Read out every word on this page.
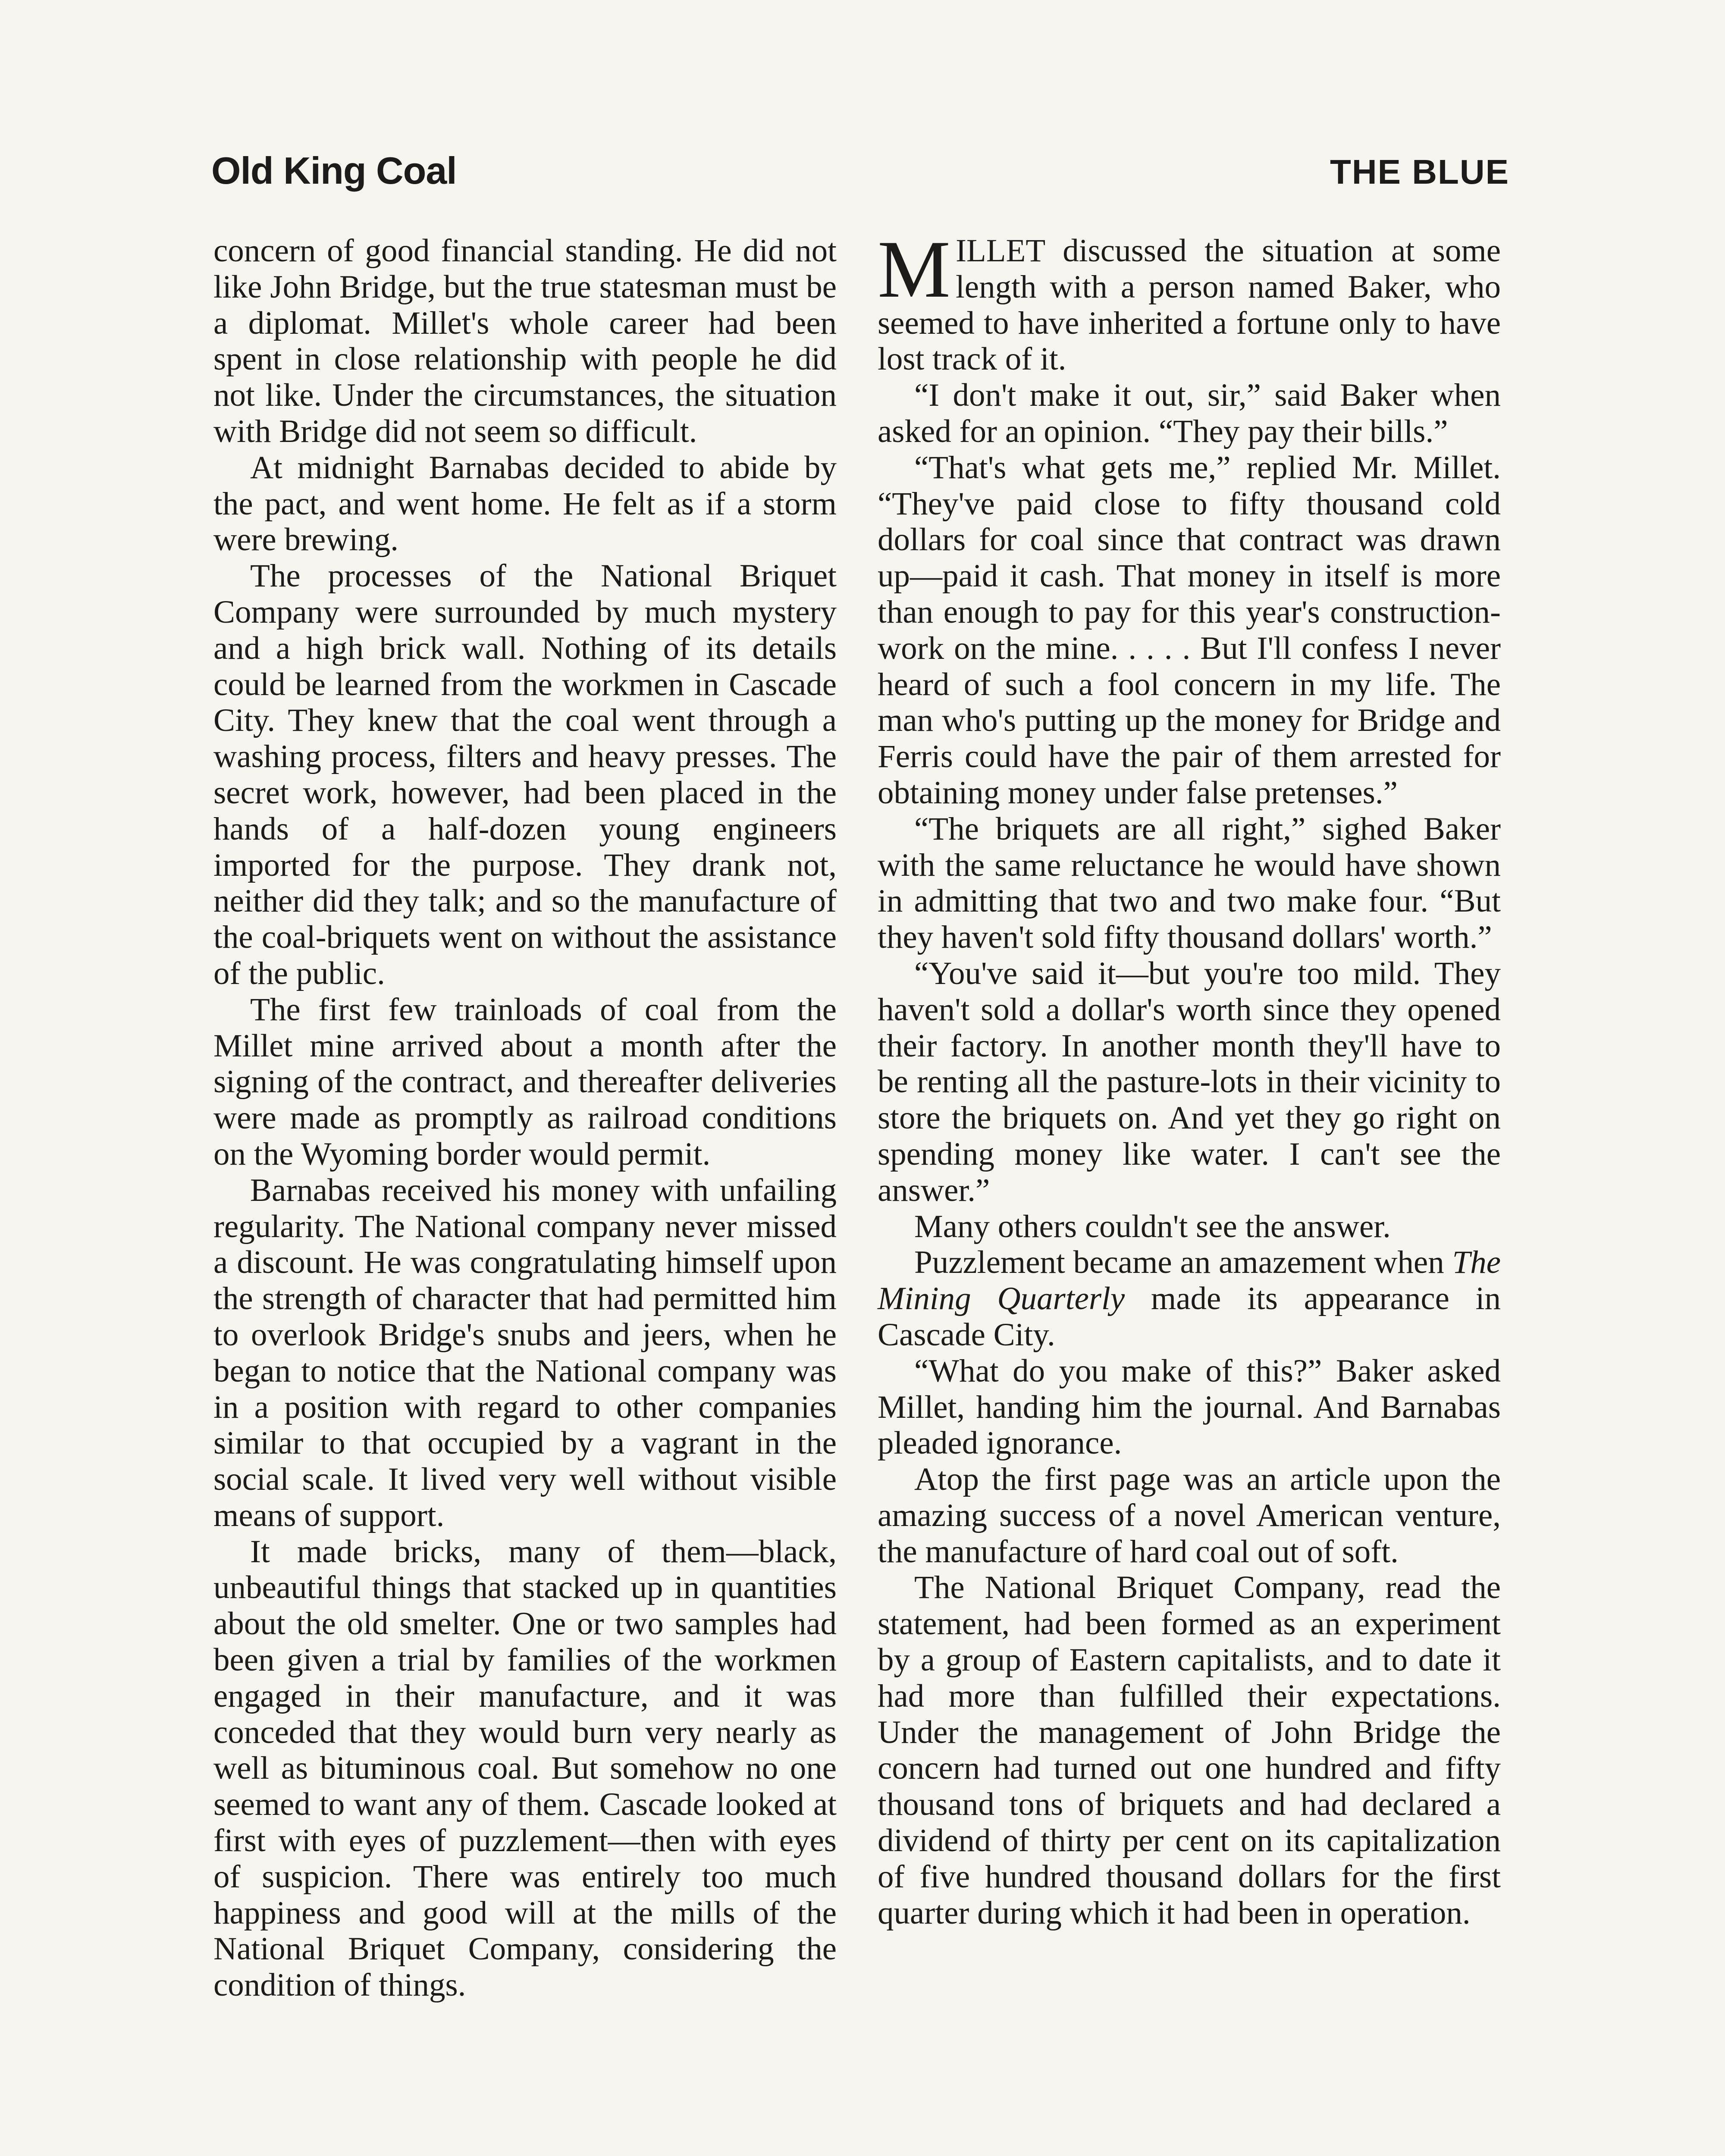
Old King Coal	THE BLUE

concern of good financial standing. He did not like John Bridge, but the true statesman must be a diplomat. Millet's whole career had been spent in close relationship with people he did not like. Under the circumstances, the situation with Bridge did not seem so difficult.

At midnight Barnabas decided to abide by the pact, and went home. He felt as if a storm were brewing.

The processes of the National Briquet Company were surrounded by much mystery and a high brick wall. Nothing of its details could be learned from the workmen in Cascade City. They knew that the coal went through a washing process, filters and heavy presses. The secret work, however, had been placed in the hands of a half-dozen young engineers imported for the purpose. They drank not, neither did they talk; and so the manufacture of the coal-briquets went on without the assistance of the public.

The first few trainloads of coal from the Millet mine arrived about a month after the signing of the contract, and thereafter deliveries were made as promptly as railroad conditions on the Wyoming border would permit.

Barnabas received his money with unfailing regularity. The National company never missed a discount. He was congratulating himself upon the strength of character that had permitted him to overlook Bridge's snubs and jeers, when he began to notice that the National company was in a position with regard to other companies similar to that occupied by a vagrant in the social scale. It lived very well without visible means of support.

It made bricks, many of them—black, unbeautiful things that stacked up in quantities about the old smelter. One or two samples had been given a trial by families of the workmen engaged in their manufacture, and it was conceded that they would burn very nearly as well as bituminous coal. But somehow no one seemed to want any of them. Cascade looked at first with eyes of puzzlement—then with eyes of suspicion. There was entirely too much happiness and good will at the mills of the National Briquet Company, considering the condition of things.

MILLET discussed the situation at some length with a person named Baker, who seemed to have inherited a fortune only to have lost track of it.

“I don't make it out, sir,” said Baker when asked for an opinion. “They pay their bills.”

“That's what gets me,” replied Mr. Millet. “They've paid close to fifty thousand cold dollars for coal since that contract was drawn up—paid it cash. That money in itself is more than enough to pay for this year's construction-work on the mine. . . . . But I'll confess I never heard of such a fool concern in my life. The man who's putting up the money for Bridge and Ferris could have the pair of them arrested for obtaining money under false pretenses.”

“The briquets are all right,” sighed Baker with the same reluctance he would have shown in admitting that two and two make four. “But they haven't sold fifty thousand dollars' worth.”

“You've said it—but you're too mild. They haven't sold a dollar's worth since they opened their factory. In another month they'll have to be renting all the pasture-lots in their vicinity to store the briquets on. And yet they go right on spending money like water. I can't see the answer.”

Many others couldn't see the answer.

Puzzlement became an amazement when The Mining Quarterly made its appearance in Cascade City.

“What do you make of this?” Baker asked Millet, handing him the journal. And Barnabas pleaded ignorance.

Atop the first page was an article upon the amazing success of a novel American venture, the manufacture of hard coal out of soft.

The National Briquet Company, read the statement, had been formed as an experiment by a group of Eastern capitalists, and to date it had more than fulfilled their expectations. Under the management of John Bridge the concern had turned out one hundred and fifty thousand tons of briquets and had declared a dividend of thirty per cent on its capitalization of five hundred thousand dollars for the first quarter during which it had been in operation.
